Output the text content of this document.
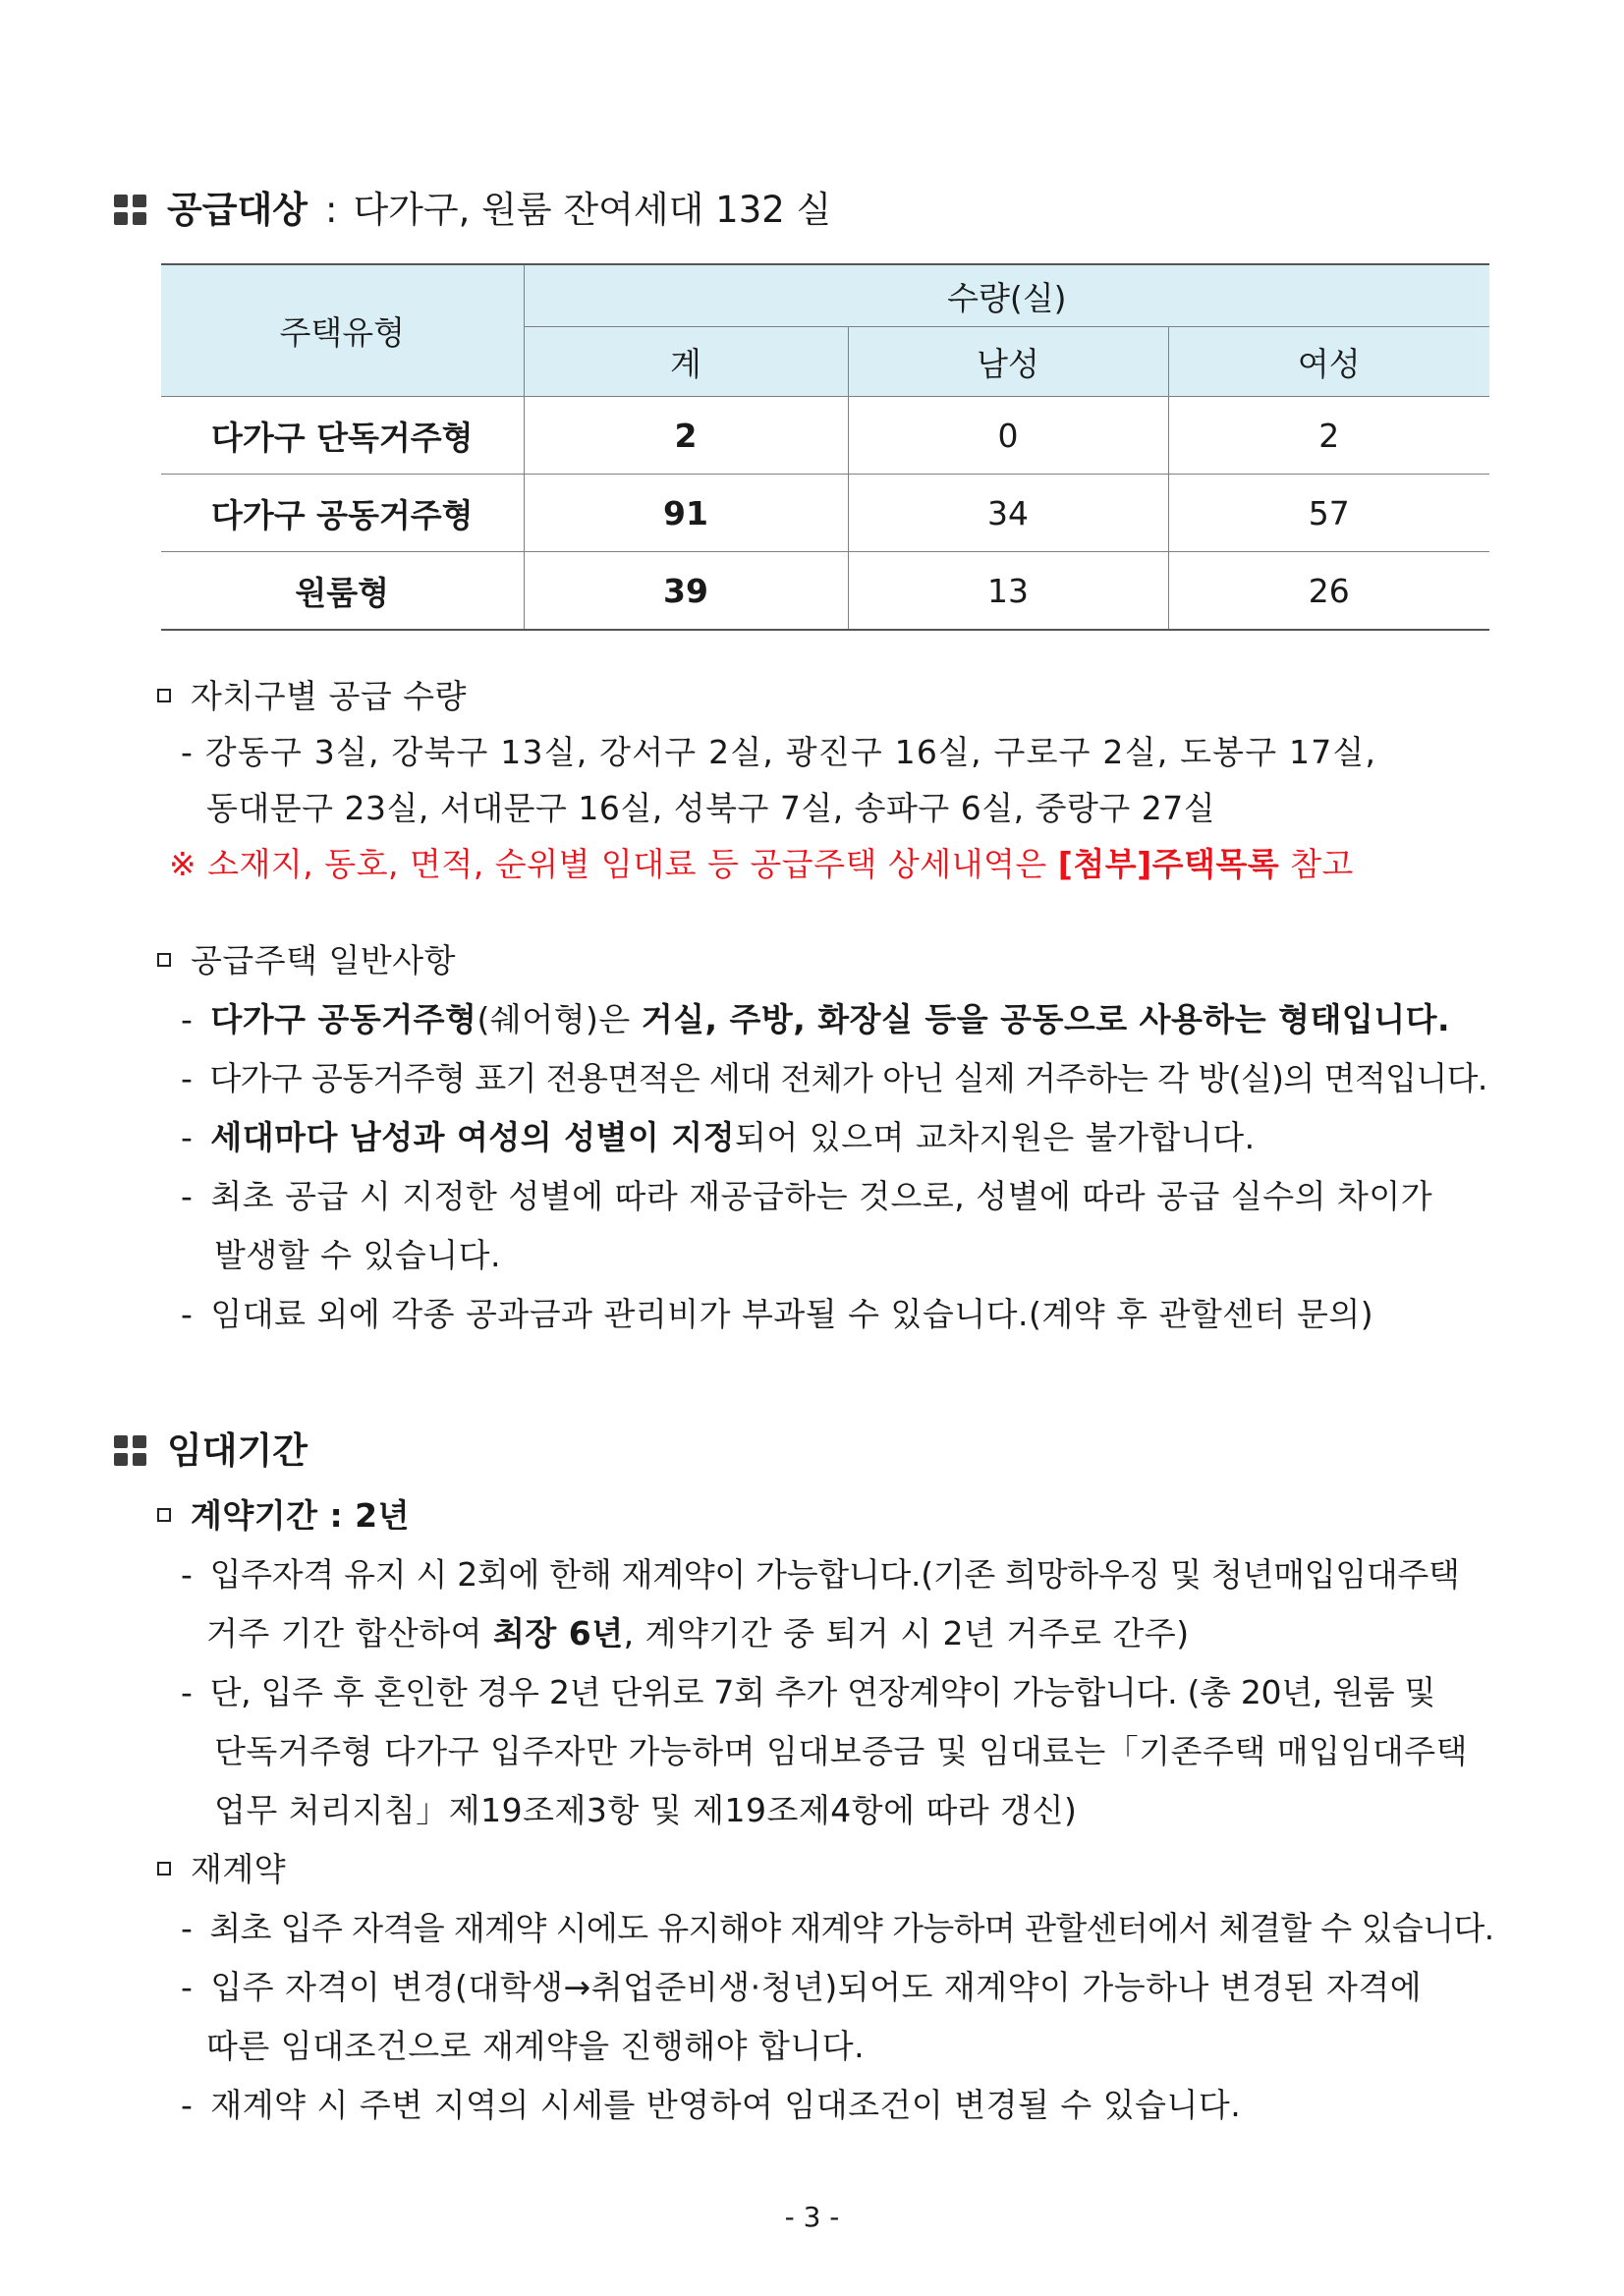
공급대상 : 다가구, 원룸 잔여세대 132 실
주택유형	수량(실)		
	계	남성	여성
다가구 단독거주형	2	0	2
다가구 공동거주형	91	34	57
원룸형	39	13	26
자치구별 공급 수량
- 강동구 3실, 강북구 13실, 강서구 2실, 광진구 16실, 구로구 2실, 도봉구 17실,
동대문구 23실, 서대문구 16실, 성북구 7실, 송파구 6실, 중랑구 27실
※ 소재지, 동호, 면적, 순위별 임대료 등 공급주택 상세내역은 [첨부]주택목록 참고
공급주택 일반사항
- 다가구 공동거주형(쉐어형)은 거실, 주방, 화장실 등을 공동으로 사용하는 형태입니다.
- 다가구 공동거주형 표기 전용면적은 세대 전체가 아닌 실제 거주하는 각 방(실)의 면적입니다.
- 세대마다 남성과 여성의 성별이 지정되어 있으며 교차지원은 불가합니다.
- 최초 공급 시 지정한 성별에 따라 재공급하는 것으로, 성별에 따라 공급 실수의 차이가
발생할 수 있습니다.
- 임대료 외에 각종 공과금과 관리비가 부과될 수 있습니다.(계약 후 관할센터 문의)
임대기간
계약기간 : 2년
- 입주자격 유지 시 2회에 한해 재계약이 가능합니다.(기존 희망하우징 및 청년매입임대주택
거주 기간 합산하여 최장 6년, 계약기간 중 퇴거 시 2년 거주로 간주)
- 단, 입주 후 혼인한 경우 2년 단위로 7회 추가 연장계약이 가능합니다. (총 20년, 원룸 및
단독거주형 다가구 입주자만 가능하며 임대보증금 및 임대료는「기존주택 매입임대주택
업무 처리지침」제19조제3항 및 제19조제4항에 따라 갱신)
재계약
- 최초 입주 자격을 재계약 시에도 유지해야 재계약 가능하며 관할센터에서 체결할 수 있습니다.
- 입주 자격이 변경(대학생→취업준비생·청년)되어도 재계약이 가능하나 변경된 자격에
따른 임대조건으로 재계약을 진행해야 합니다.
- 재계약 시 주변 지역의 시세를 반영하여 임대조건이 변경될 수 있습니다.
- 3 -
